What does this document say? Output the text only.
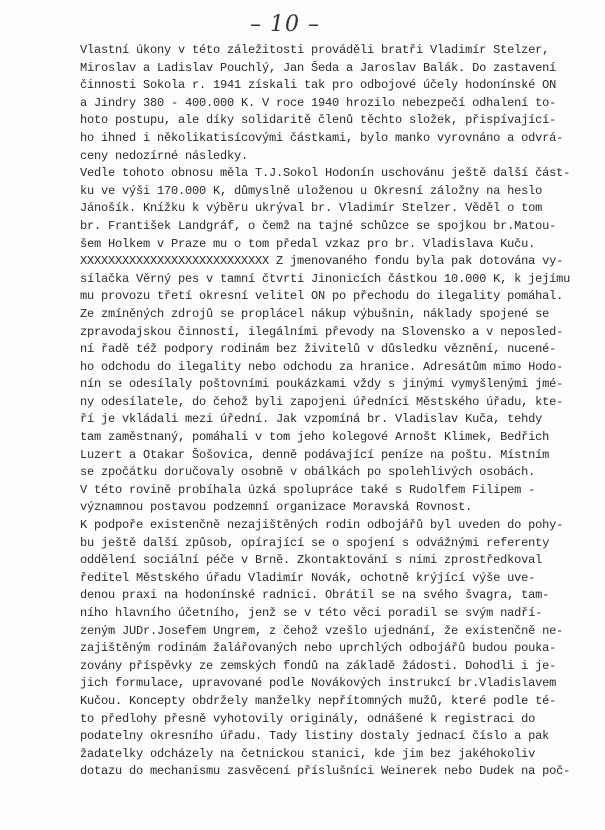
– 10 –
Vlastní úkony v této záležitosti prováděli bratři Vladimír Stelzer,
Miroslav a Ladislav Pouchlý, Jan Šeda a Jaroslav Balák. Do zastavení
činnosti Sokola r. 1941 získali tak pro odbojové účely hodonínské ON
a Jindry 380 - 400.000 K. V roce 1940 hrozilo nebezpečí odhalení to-
hoto postupu, ale díky solidaritě členů těchto složek, přispívající-
ho ihned i několikatisícovými částkami, bylo manko vyrovnáno a odvrá-
ceny nedozírné následky.
Vedle tohoto obnosu měla T.J.Sokol Hodonín uschovánu ještě další část-
ku ve výši 170.000 K, důmyslně uloženou u Okresní záložny na heslo
Jánošík. Knížku k výběru ukrýval br. Vladimír Stelzer. Věděl o tom
br. František Landgráf, o čemž na tajné schůzce se spojkou br.Matou-
šem Holkem v Praze mu o tom předal vzkaz pro br. Vladislava Kuču.
XXXXXXXXXXXXXXXXXXXXXXXXXXX Z jmenovaného fondu byla pak dotována vy-
sílačka Věrný pes v tamní čtvrti Jinonicích částkou 10.000 K, k jejímu
mu provozu třetí okresní velitel ON po přechodu do ilegality pomáhal.
Ze zmíněných zdrojů se proplácel nákup výbušnin, náklady spojené se
zpravodajskou činností, ilegálními převody na Slovensko a v neposled-
ní řadě též podpory rodinám bez živitelů v důsledku věznění, nucené-
ho odchodu do ilegality nebo odchodu za hranice. Adresátům mimo Hodo-
nín se odesílaly poštovními poukázkami vždy s jinými vymyšlenými jmé-
ny odesílatele, do čehož byli zapojeni úředníci Městského úřadu, kte-
ří je vkládali mezi úřední. Jak vzpomíná br. Vladislav Kuča, tehdy
tam zaměstnaný, pomáhali v tom jeho kolegové Arnošt Klimek, Bedřich
Luzert a Otakar Šošovica, denně podávající peníze na poštu. Místním
se zpočátku doručovaly osobně v obálkách po spolehlivých osobách.
V této rovině probíhala úzká spolupráce také s Rudolfem Filipem -
významnou postavou podzemní organizace Moravská Rovnost.
K podpoře existenčně nezajištěných rodin odbojářů byl uveden do pohy-
bu ještě další způsob, opírající se o spojení s odvážnými referenty
oddělení sociální péče v Brně. Zkontaktování s nimi zprostředkoval
ředitel Městského úřadu Vladimír Novák, ochotně krýjící výše uve-
denou praxi na hodonínské radnici. Obrátil se na svého švagra, tam-
ního hlavního účetního, jenž se v této věci poradil se svým nadří-
zeným JUDr.Josefem Ungrem, z čehož vzešlo ujednání, že existenčně ne-
zajištěným rodinám žalářovaných nebo uprchlých odbojářů budou poukа-
zovány příspěvky ze zemských fondů na základě žádosti. Dohodli i je-
jich formulace, upravované podle Novákových instrukcí br.Vladislavem
Kučou. Koncepty obdržely manželky nepřítomných mužů, které podle té-
to předlohy přesně vyhotovily originály, odnášené k registraci do
podatelny okresního úřadu. Tady listiny dostaly jednací číslo a pak
žadatelky odcházely na četnickou stanici, kde jim bez jakéhokoliv
dotazu do mechanismu zasvěcení příslušníci Weinerek nebo Dudek na poč-
